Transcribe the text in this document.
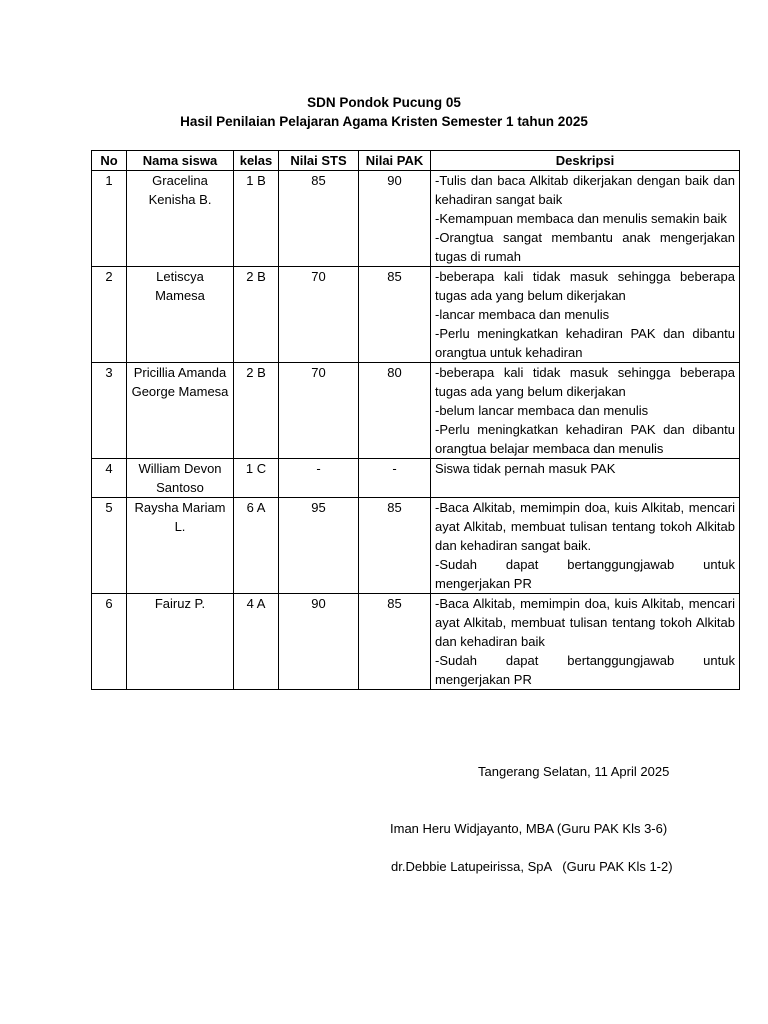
SDN Pondok Pucung 05
Hasil Penilaian Pelajaran Agama Kristen Semester 1 tahun 2025
No	Nama siswa	kelas	Nilai STS	Nilai PAK	Deskripsi
1	Gracelina Kenisha B.	1 B	85	90	-Tulis dan baca Alkitab dikerjakan dengan baik dan kehadiran sangat baik
-Kemampuan membaca dan menulis semakin baik
-Orangtua sangat membantu anak mengerjakan tugas di rumah

2	Letiscya Mamesa	2 B	70	85	-beberapa kali tidak masuk sehingga beberapa tugas ada yang belum dikerjakan
-lancar membaca dan menulis
-Perlu meningkatkan kehadiran PAK dan dibantu orangtua untuk kehadiran

3	Pricillia Amanda George Mamesa	2 B	70	80	-beberapa kali tidak masuk sehingga beberapa tugas ada yang belum dikerjakan
-belum lancar membaca dan menulis
-Perlu meningkatkan kehadiran PAK dan dibantu orangtua belajar membaca dan menulis

4	William Devon Santoso	1 C	-	-	Siswa tidak pernah masuk PAK

5	Raysha Mariam L.	6 A	95	85	-Baca Alkitab, memimpin doa, kuis Alkitab, mencari ayat Alkitab, membuat tulisan tentang tokoh Alkitab dan kehadiran sangat baik.
-Sudah dapat bertanggungjawab untuk mengerjakan PR

6	Fairuz P.	4 A	90	85	-Baca Alkitab, memimpin doa, kuis Alkitab, mencari ayat Alkitab, membuat tulisan tentang tokoh Alkitab dan kehadiran baik
-Sudah dapat bertanggungjawab untuk mengerjakan PR
Tangerang Selatan, 11 April 2025
Iman Heru Widjayanto, MBA (Guru PAK Kls 3-6)
dr.Debbie Latupeirissa, SpA   (Guru PAK Kls 1-2)
